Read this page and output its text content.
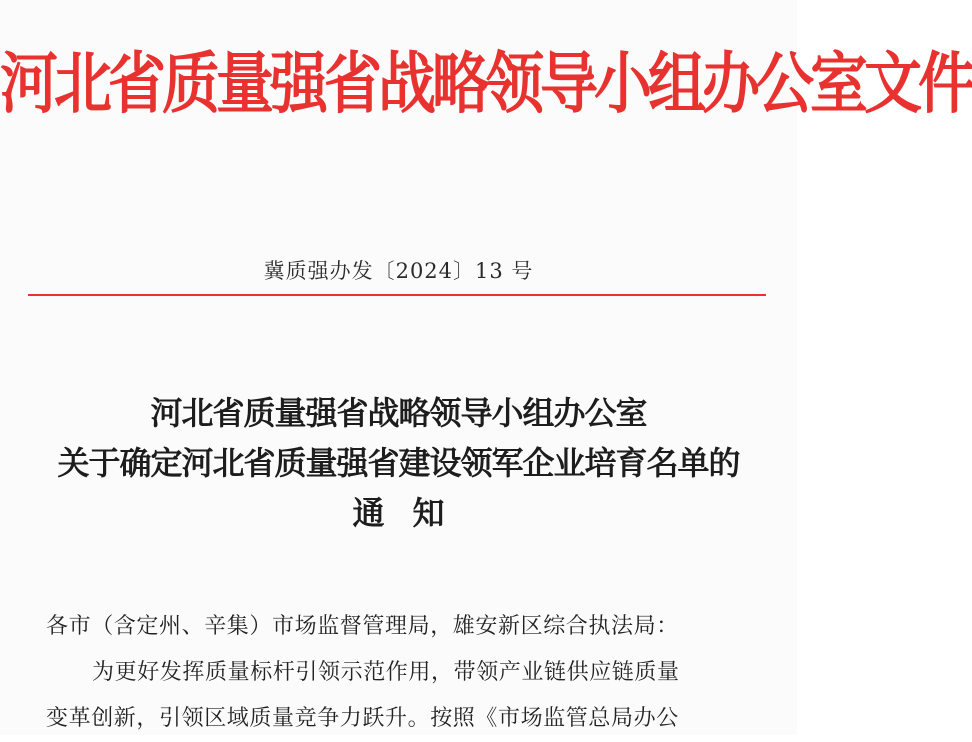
河北省质量强省战略领导小组办公室文件
冀质强办发〔2024〕13 号
河北省质量强省战略领导小组办公室
关于确定河北省质量强省建设领军企业培育名单的
通知
各市（含定州、辛集）市场监督管理局，雄安新区综合执法局：
为更好发挥质量标杆引领示范作用，带领产业链供应链质量
变革创新，引领区域质量竞争力跃升。按照《市场监管总局办公
